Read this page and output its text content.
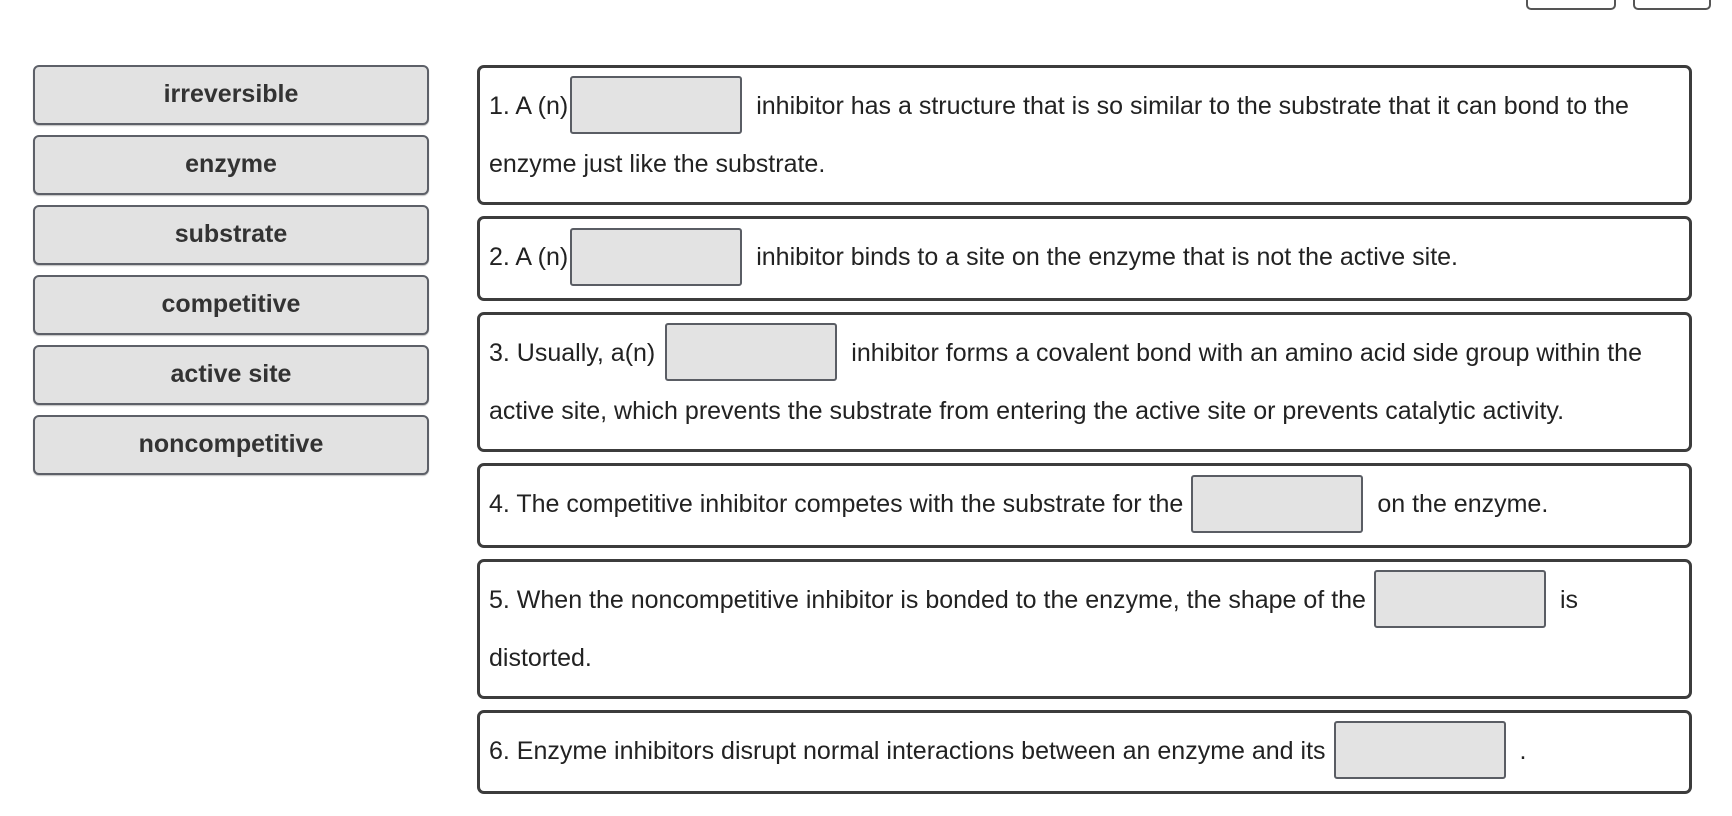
irreversible
enzyme
substrate
competitive
active site
noncompetitive
1. A (n)	inhibitor has a structure that is so similar to the substrate that it can bond to the enzyme just like the substrate.
2. A (n)	inhibitor binds to a site on the enzyme that is not the active site.
3. Usually, a(n)	inhibitor forms a covalent bond with an amino acid side group within the active site, which prevents the substrate from entering the active site or prevents catalytic activity.
4. The competitive inhibitor competes with the substrate for the	on the enzyme.
5. When the noncompetitive inhibitor is bonded to the enzyme, the shape of the	is distorted.
6. Enzyme inhibitors disrupt normal interactions between an enzyme and its	.
